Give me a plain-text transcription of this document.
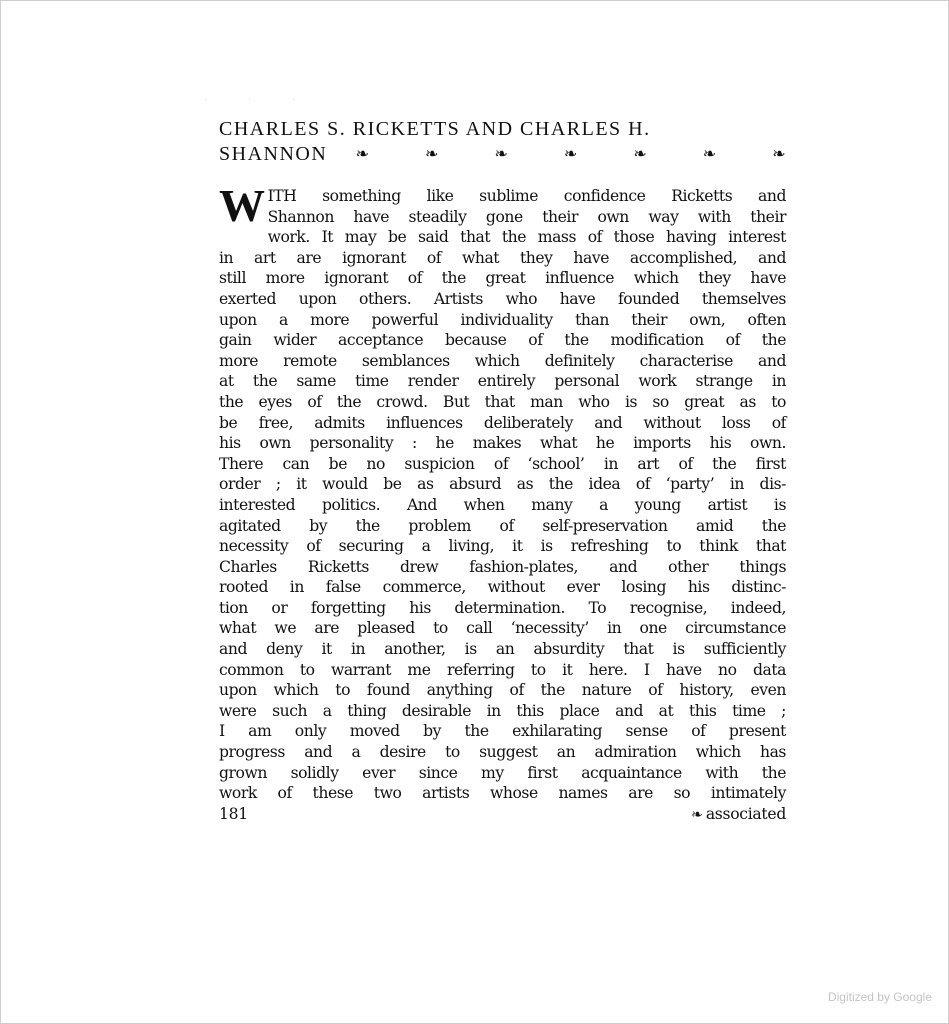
· · ·
CHARLES S. RICKETTS AND CHARLES H.
SHANNON ❧	❧	❧	❧	❧	❧	❧
W ITH something like sublime confidence Ricketts and
Shannon have steadily gone their own way with their
work. It may be said that the mass of those having interest
in art are ignorant of what they have accomplished, and
still more ignorant of the great influence which they have
exerted upon others. Artists who have founded themselves
upon a more powerful individuality than their own, often
gain wider acceptance because of the modification of the
more remote semblances which definitely characterise and
at the same time render entirely personal work strange in
the eyes of the crowd. But that man who is so great as to
be free, admits influences deliberately and without loss of
his own personality : he makes what he imports his own.
There can be no suspicion of ‘school’ in art of the first
order ; it would be as absurd as the idea of ‘party’ in dis-
interested politics. And when many a young artist is
agitated by the problem of self-preservation amid the
necessity of securing a living, it is refreshing to think that
Charles Ricketts drew fashion-plates, and other things
rooted in false commerce, without ever losing his distinc-
tion or forgetting his determination. To recognise, indeed,
what we are pleased to call ‘necessity’ in one circumstance
and deny it in another, is an absurdity that is sufficiently
common to warrant me referring to it here. I have no data
upon which to found anything of the nature of history, even
were such a thing desirable in this place and at this time ;
I am only moved by the exhilarating sense of present
progress and a desire to suggest an admiration which has
grown solidly ever since my first acquaintance with the
work of these two artists whose names are so intimately
181	❧ associated
Digitized by Google
